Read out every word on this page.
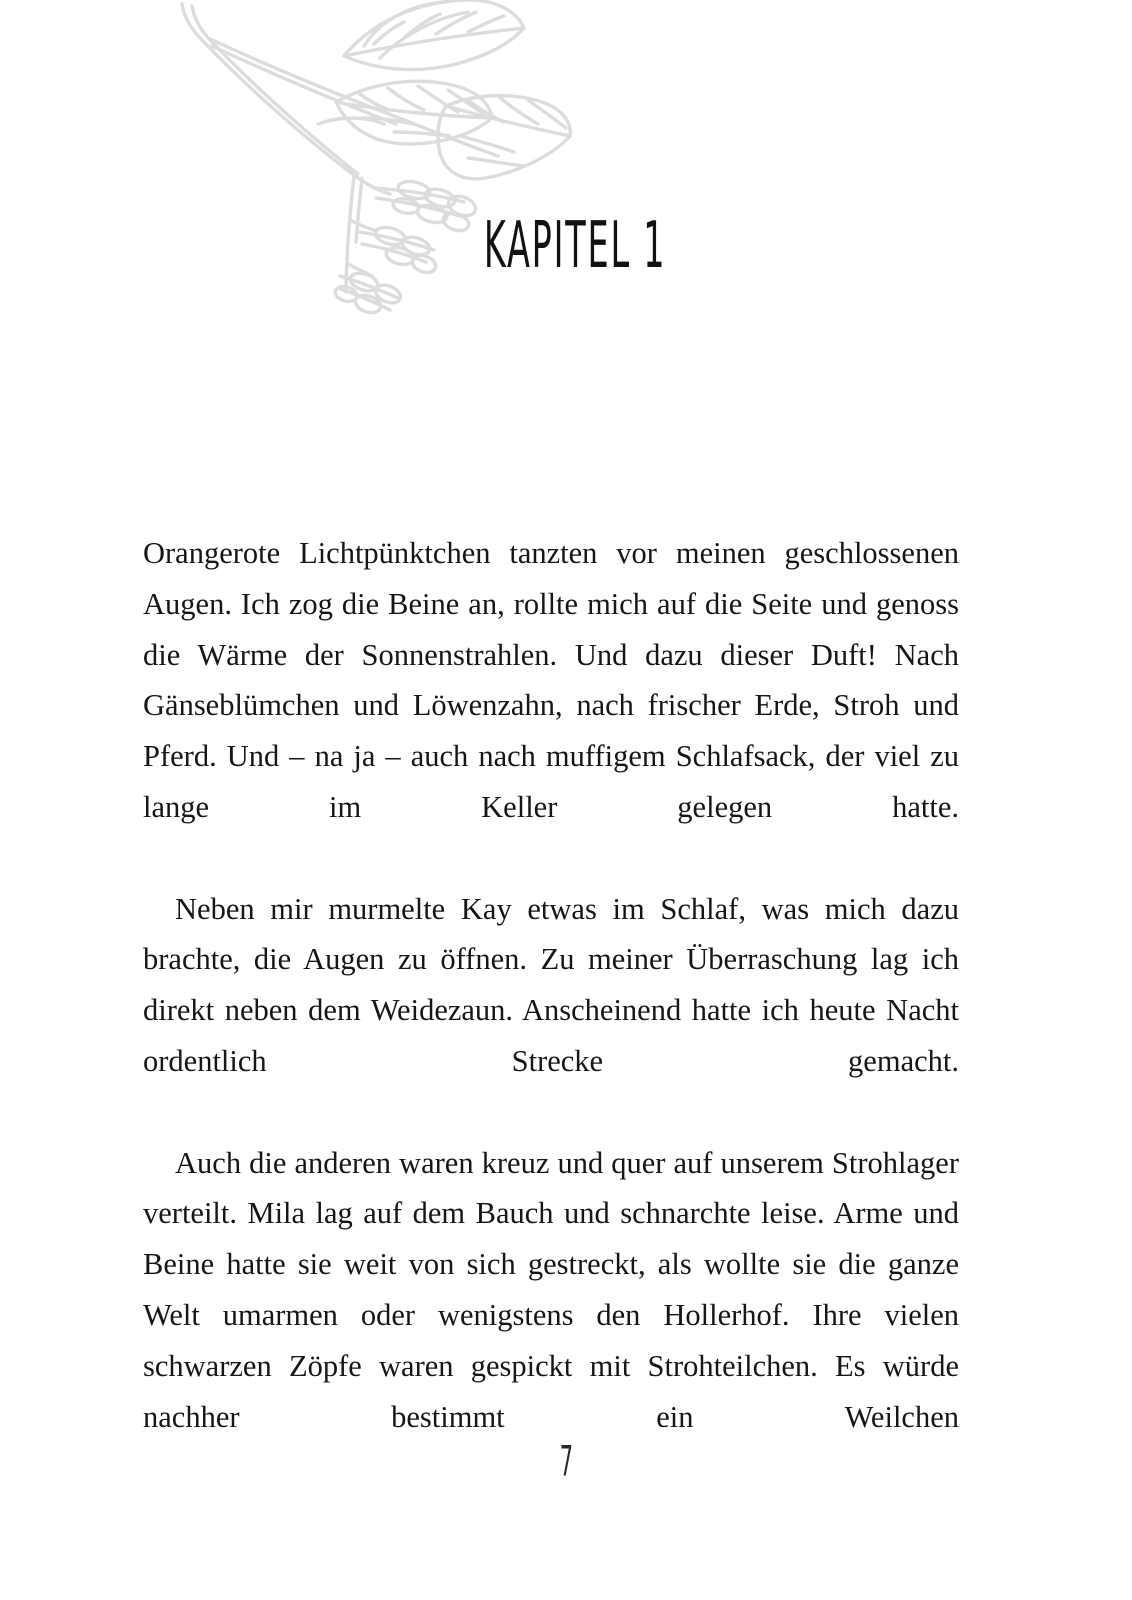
KAPITEL 1

Orangerote Lichtpünktchen tanzten vor meinen geschlossenen Augen. Ich zog die Beine an, rollte mich auf die Seite und genoss die Wärme der Sonnenstrahlen. Und dazu dieser Duft! Nach Gänseblümchen und Löwenzahn, nach frischer Erde, Stroh und Pferd. Und – na ja – auch nach muffigem Schlafsack, der viel zu lange im Keller gelegen hatte.

Neben mir murmelte Kay etwas im Schlaf, was mich dazu brachte, die Augen zu öffnen. Zu meiner Überraschung lag ich direkt neben dem Weidezaun. Anscheinend hatte ich heute Nacht ordentlich Strecke gemacht.

Auch die anderen waren kreuz und quer auf unserem Strohlager verteilt. Mila lag auf dem Bauch und schnarchte leise. Arme und Beine hatte sie weit von sich gestreckt, als wollte sie die ganze Welt umarmen oder wenigstens den Hollerhof. Ihre vielen schwarzen Zöpfe waren gespickt mit Strohteilchen. Es würde nachher bestimmt ein Weilchen

7
